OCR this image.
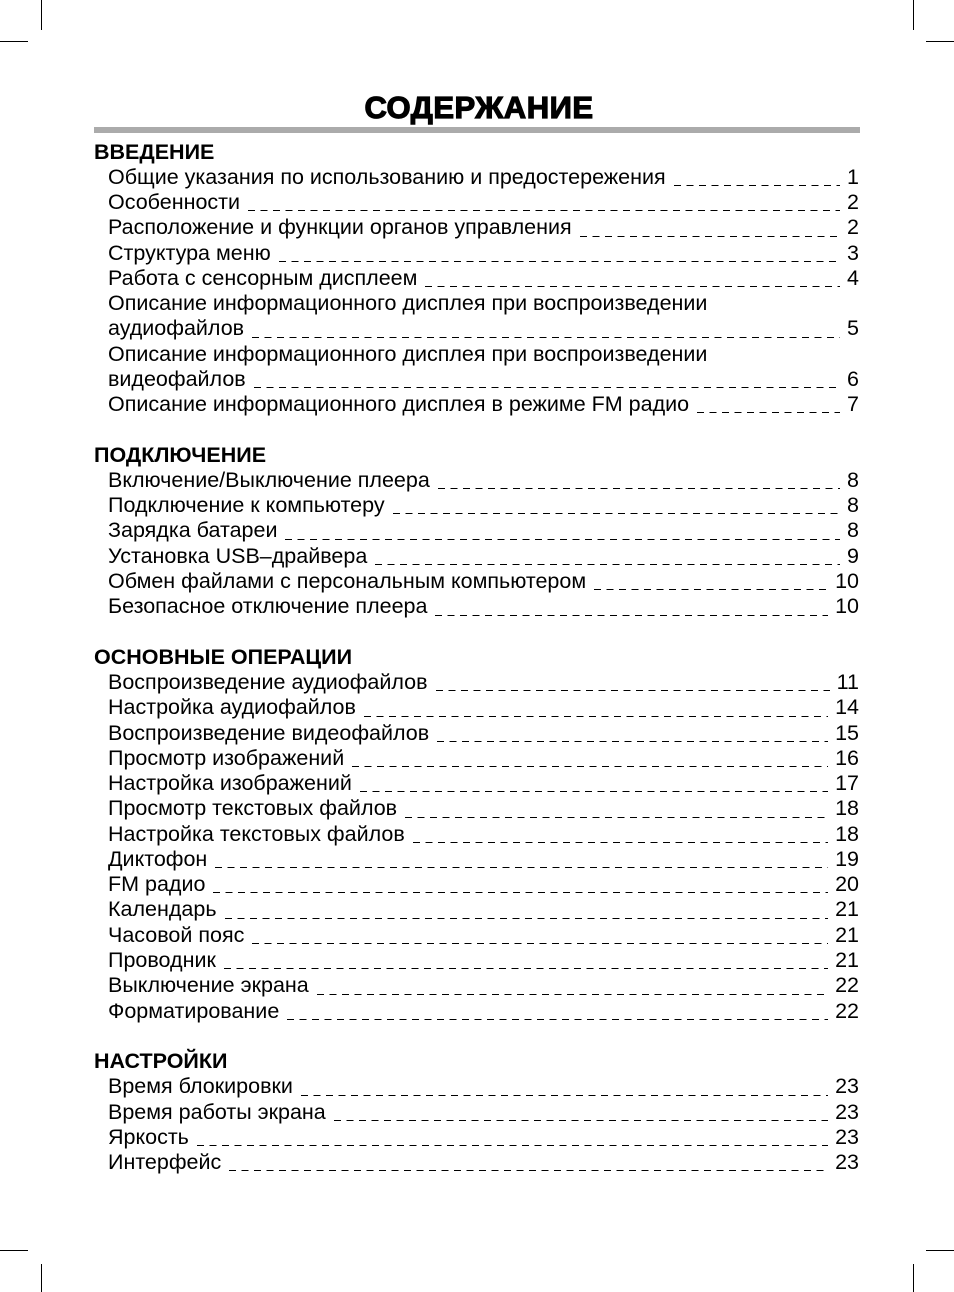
СОДЕРЖАНИЕ
ВВЕДЕНИЕ
Общие указания по использованию и предостережения	1
Особенности	2
Расположение и функции органов управления	2
Структура меню	3
Работа с сенсорным дисплеем	4
Описание информационного дисплея при воспроизведении
аудиофайлов	5
Описание информационного дисплея при воспроизведении
видеофайлов	6
Описание информационного дисплея в режиме FM радио	7
ПОДКЛЮЧЕНИЕ
Включение/Выключение плеера	8
Подключение к компьютеру	8
Зарядка батареи	8
Установка USB–драйвера	9
Обмен файлами с персональным компьютером	10
Безопасное отключение плеера	10
ОСНОВНЫЕ ОПЕРАЦИИ
Воспроизведение аудиофайлов	11
Настройка аудиофайлов	14
Воспроизведение видеофайлов	15
Просмотр изображений	16
Настройка изображений	17
Просмотр текстовых файлов	18
Настройка текстовых файлов	18
Диктофон	19
FM радио	20
Календарь	21
Часовой пояс	21
Проводник	21
Выключение экрана	22
Форматирование	22
НАСТРОЙКИ
Время блокировки	23
Время работы экрана	23
Яркость	23
Интерфейс	23
